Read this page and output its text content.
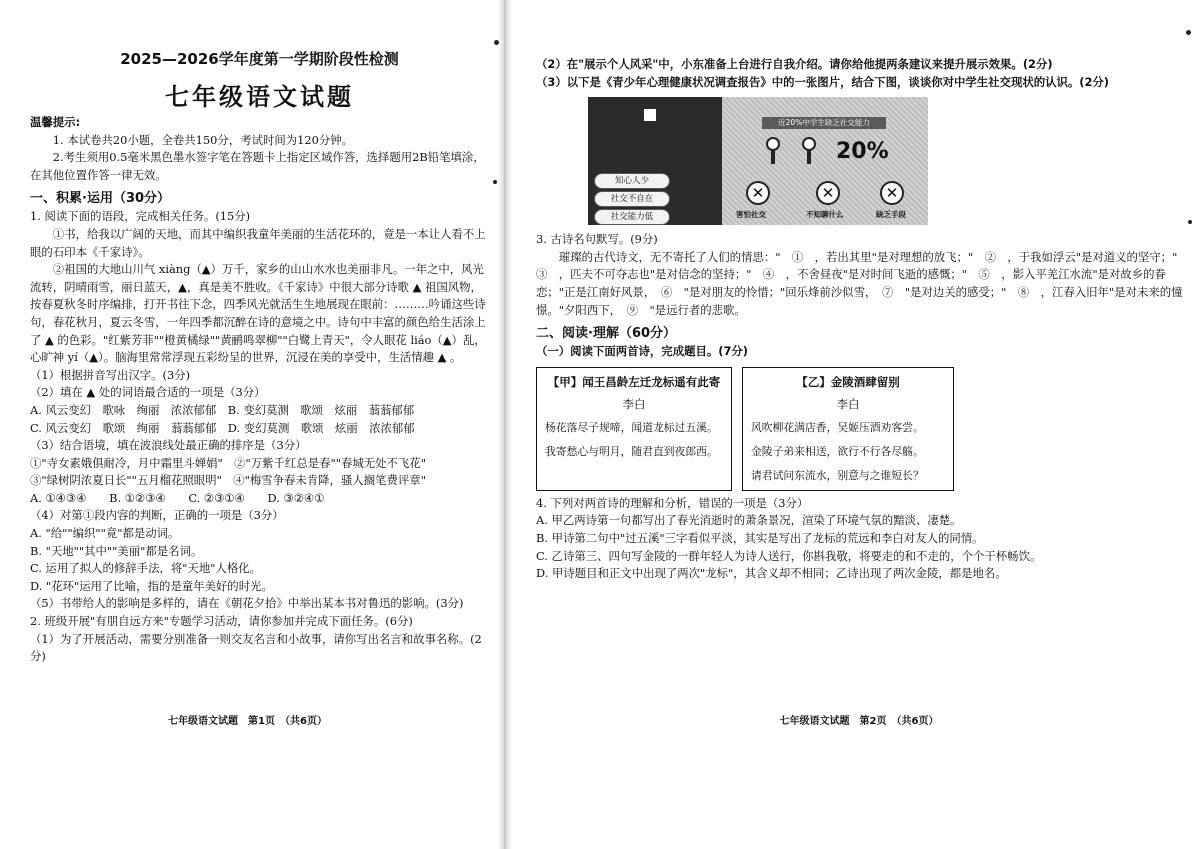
2025—2026学年度第一学期阶段性检测

七年级语文试题

温馨提示:

1. 本试卷共20小题，全卷共150分，考试时间为120分钟。

2.考生须用0.5毫米黑色墨水签字笔在答题卡上指定区域作答，选择题用2B铅笔填涂，在其他位置作答一律无效。

一、积累·运用（30分）

1. 阅读下面的语段，完成相关任务。(15分)

①书，给我以广阔的天地，而其中编织我童年美丽的生活花环的，竟是一本让人看不上眼的石印本《千家诗》。

②祖国的大地山川气 xiàng（▲）万千，家乡的山山水水也美丽非凡。一年之中，风光流转，阴晴雨雪，丽日蓝天，▲，真是美不胜收。《千家诗》中很大部分诗歌 ▲ 祖国风物，按春夏秋冬时序编排，打开书往下念，四季风光就活生生地展现在眼前：………吟诵这些诗句，春花秋月，夏云冬雪，一年四季都沉醉在诗的意境之中。诗句中丰富的颜色给生活涂上了 ▲ 的色彩。"红紫芳菲""橙黄橘绿""黄鹂鸣翠柳""白鹭上青天"，令人眼花 liáo（▲）乱，心旷神 yí（▲）。脑海里常常浮现五彩纷呈的世界，沉浸在美的享受中，生活情趣 ▲ 。

（1）根据拼音写出汉字。(3分)

（2）填在 ▲ 处的词语最合适的一项是（3分）

A. 风云变幻　歌咏　绚丽　浓浓郁郁　B. 变幻莫测　歌颂　炫丽　蓊蓊郁郁

C. 风云变幻　歌颂　绚丽　蓊蓊郁郁　D. 变幻莫测　歌颂　炫丽　浓浓郁郁

（3）结合语境，填在波浪线处最正确的排序是（3分）

①"寺女素娥俱耐冷，月中霜里斗婵娟"　②"万紫千红总是春""春城无处不飞花"

③"绿树阴浓夏日长""五月榴花照眼明"　④"梅雪争春未肯降，骚人搁笔费评章"

A. ①④③④　　B. ①②③④　　C. ②③①④　　D. ③②④①

（4）对第①段内容的判断，正确的一项是（3分）

A. "给""编织""竟"都是动词。

B. "天地""其中""美丽"都是名词。

C. 运用了拟人的修辞手法，将"天地"人格化。

D. "花环"运用了比喻，指的是童年美好的时光。

（5）书带给人的影响是多样的，请在《朝花夕拾》中举出某本书对鲁迅的影响。(3分)

2. 班级开展"有朋自远方来"专题学习活动，请你参加并完成下面任务。(6分)

（1）为了开展活动，需要分别准备一则交友名言和小故事，请你写出名言和故事名称。(2分)

七年级语文试题　第1页　（共6页）

（2）在"展示个人风采"中，小东准备上台进行自我介绍。请你给他提两条建议来提升展示效果。(2分)

（3）以下是《青少年心理健康状况调查报告》中的一张图片，结合下图，谈谈你对中学生社交现状的认识。(2分)

知心人少
社交不自在
社交能力低
近20%中学生缺乏社交能力
20%
✕	✕	✕
害怕社交	不知聊什么	缺乏手段

3. 古诗名句默写。(9分)

璀璨的古代诗文，无不寄托了人们的情思："　①　，若出其里"是对理想的放飞；"　②　，于我如浮云"是对道义的坚守；"　③　，匹夫不可夺志也"是对信念的坚持；"　④　，不舍昼夜"是对时间飞逝的感慨；"　⑤　，影入平羌江水流"是对故乡的眷恋；"正是江南好风景，　⑥　"是对朋友的怜惜；"回乐烽前沙似雪，　⑦　"是对边关的感受；"　⑧　，江春入旧年"是对未来的憧憬。"夕阳西下，　⑨　"是远行者的悲歌。

二、阅读·理解（60分）

（一）阅读下面两首诗，完成题目。(7分)

【甲】闻王昌龄左迁龙标遥有此寄

李白

杨花落尽子规啼，闻道龙标过五溪。

我寄愁心与明月，随君直到夜郎西。

【乙】金陵酒肆留别

李白

风吹柳花满店香，吴姬压酒劝客尝。

金陵子弟来相送，欲行不行各尽觞。

请君试问东流水，别意与之谁短长？

4. 下列对两首诗的理解和分析，错误的一项是（3分）

A. 甲乙两诗第一句都写出了春光消逝时的萧条景况，渲染了环境气氛的黯淡、凄楚。

B. 甲诗第二句中"过五溪"三字看似平淡，其实是写出了龙标的荒远和李白对友人的同情。

C. 乙诗第三、四句写金陵的一群年轻人为诗人送行，你斟我敬，将要走的和不走的，个个干杯畅饮。

D. 甲诗题目和正文中出现了两次"龙标"，其含义却不相同；乙诗出现了两次金陵，都是地名。

七年级语文试题　第2页　（共6页）
